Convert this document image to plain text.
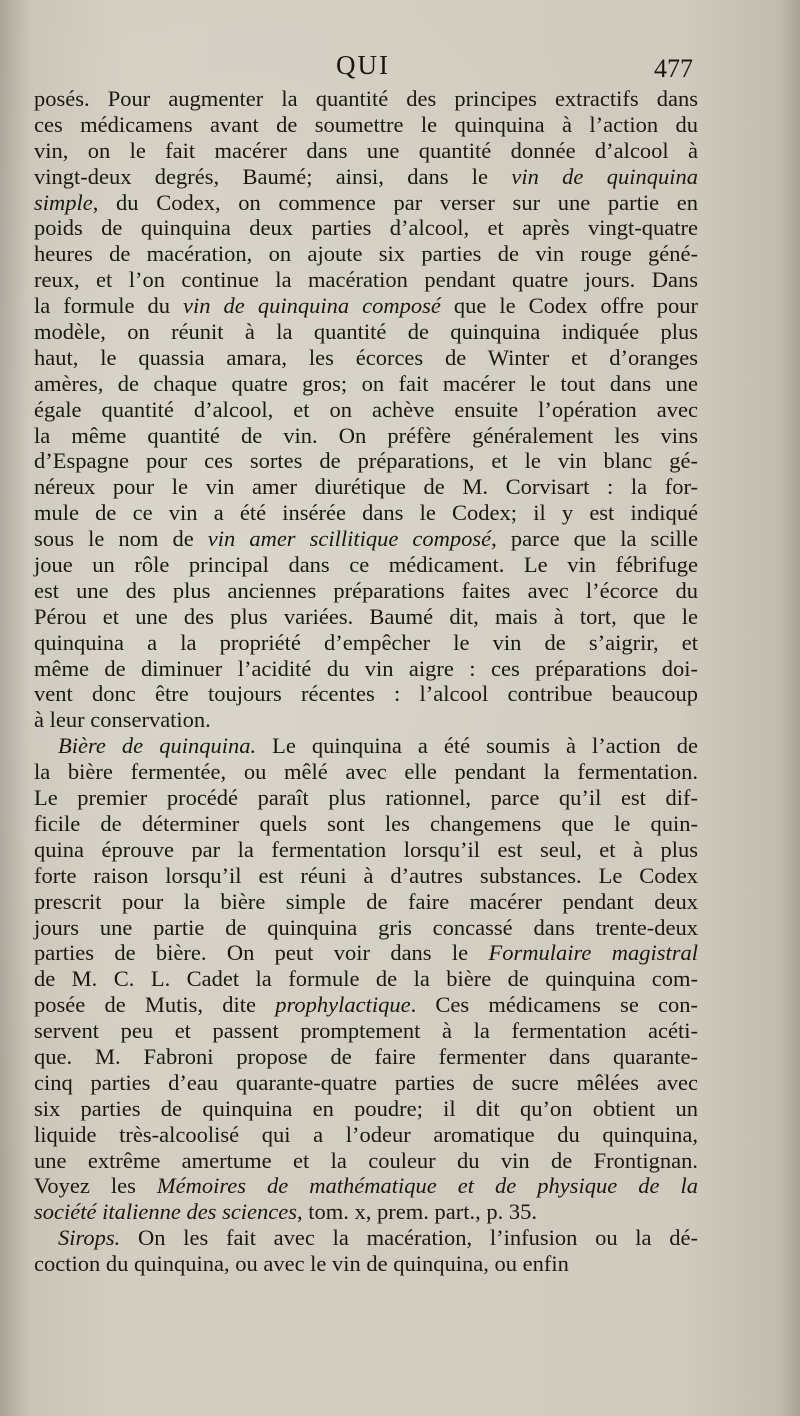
QUI	477
posés. Pour augmenter la quantité des principes extractifs dans
ces médicamens avant de soumettre le quinquina à l’action du
vin, on le fait macérer dans une quantité donnée d’alcool à
vingt-deux degrés, Baumé; ainsi, dans le vin de quinquina
simple, du Codex, on commence par verser sur une partie en
poids de quinquina deux parties d’alcool, et après vingt-quatre
heures de macération, on ajoute six parties de vin rouge géné-
reux, et l’on continue la macération pendant quatre jours. Dans
la formule du vin de quinquina composé que le Codex offre pour
modèle, on réunit à la quantité de quinquina indiquée plus
haut, le quassia amara, les écorces de Winter et d’oranges
amères, de chaque quatre gros; on fait macérer le tout dans une
égale quantité d’alcool, et on achève ensuite l’opération avec
la même quantité de vin. On préfère généralement les vins
d’Espagne pour ces sortes de préparations, et le vin blanc gé-
néreux pour le vin amer diurétique de M. Corvisart : la for-
mule de ce vin a été insérée dans le Codex; il y est indiqué
sous le nom de vin amer scillitique composé, parce que la scille
joue un rôle principal dans ce médicament. Le vin fébrifuge
est une des plus anciennes préparations faites avec l’écorce du
Pérou et une des plus variées. Baumé dit, mais à tort, que le
quinquina a la propriété d’empêcher le vin de s’aigrir, et
même de diminuer l’acidité du vin aigre : ces préparations doi-
vent donc être toujours récentes : l’alcool contribue beaucoup
à leur conservation.
Bière de quinquina. Le quinquina a été soumis à l’action de
la bière fermentée, ou mêlé avec elle pendant la fermentation.
Le premier procédé paraît plus rationnel, parce qu’il est dif-
ficile de déterminer quels sont les changemens que le quin-
quina éprouve par la fermentation lorsqu’il est seul, et à plus
forte raison lorsqu’il est réuni à d’autres substances. Le Codex
prescrit pour la bière simple de faire macérer pendant deux
jours une partie de quinquina gris concassé dans trente-deux
parties de bière. On peut voir dans le Formulaire magistral
de M. C. L. Cadet la formule de la bière de quinquina com-
posée de Mutis, dite prophylactique. Ces médicamens se con-
servent peu et passent promptement à la fermentation acéti-
que. M. Fabroni propose de faire fermenter dans quarante-
cinq parties d’eau quarante-quatre parties de sucre mêlées avec
six parties de quinquina en poudre; il dit qu’on obtient un
liquide très-alcoolisé qui a l’odeur aromatique du quinquina,
une extrême amertume et la couleur du vin de Frontignan.
Voyez les Mémoires de mathématique et de physique de la
société italienne des sciences, tom. x, prem. part., p. 35.
Sirops. On les fait avec la macération, l’infusion ou la dé-
coction du quinquina, ou avec le vin de quinquina, ou enfin
